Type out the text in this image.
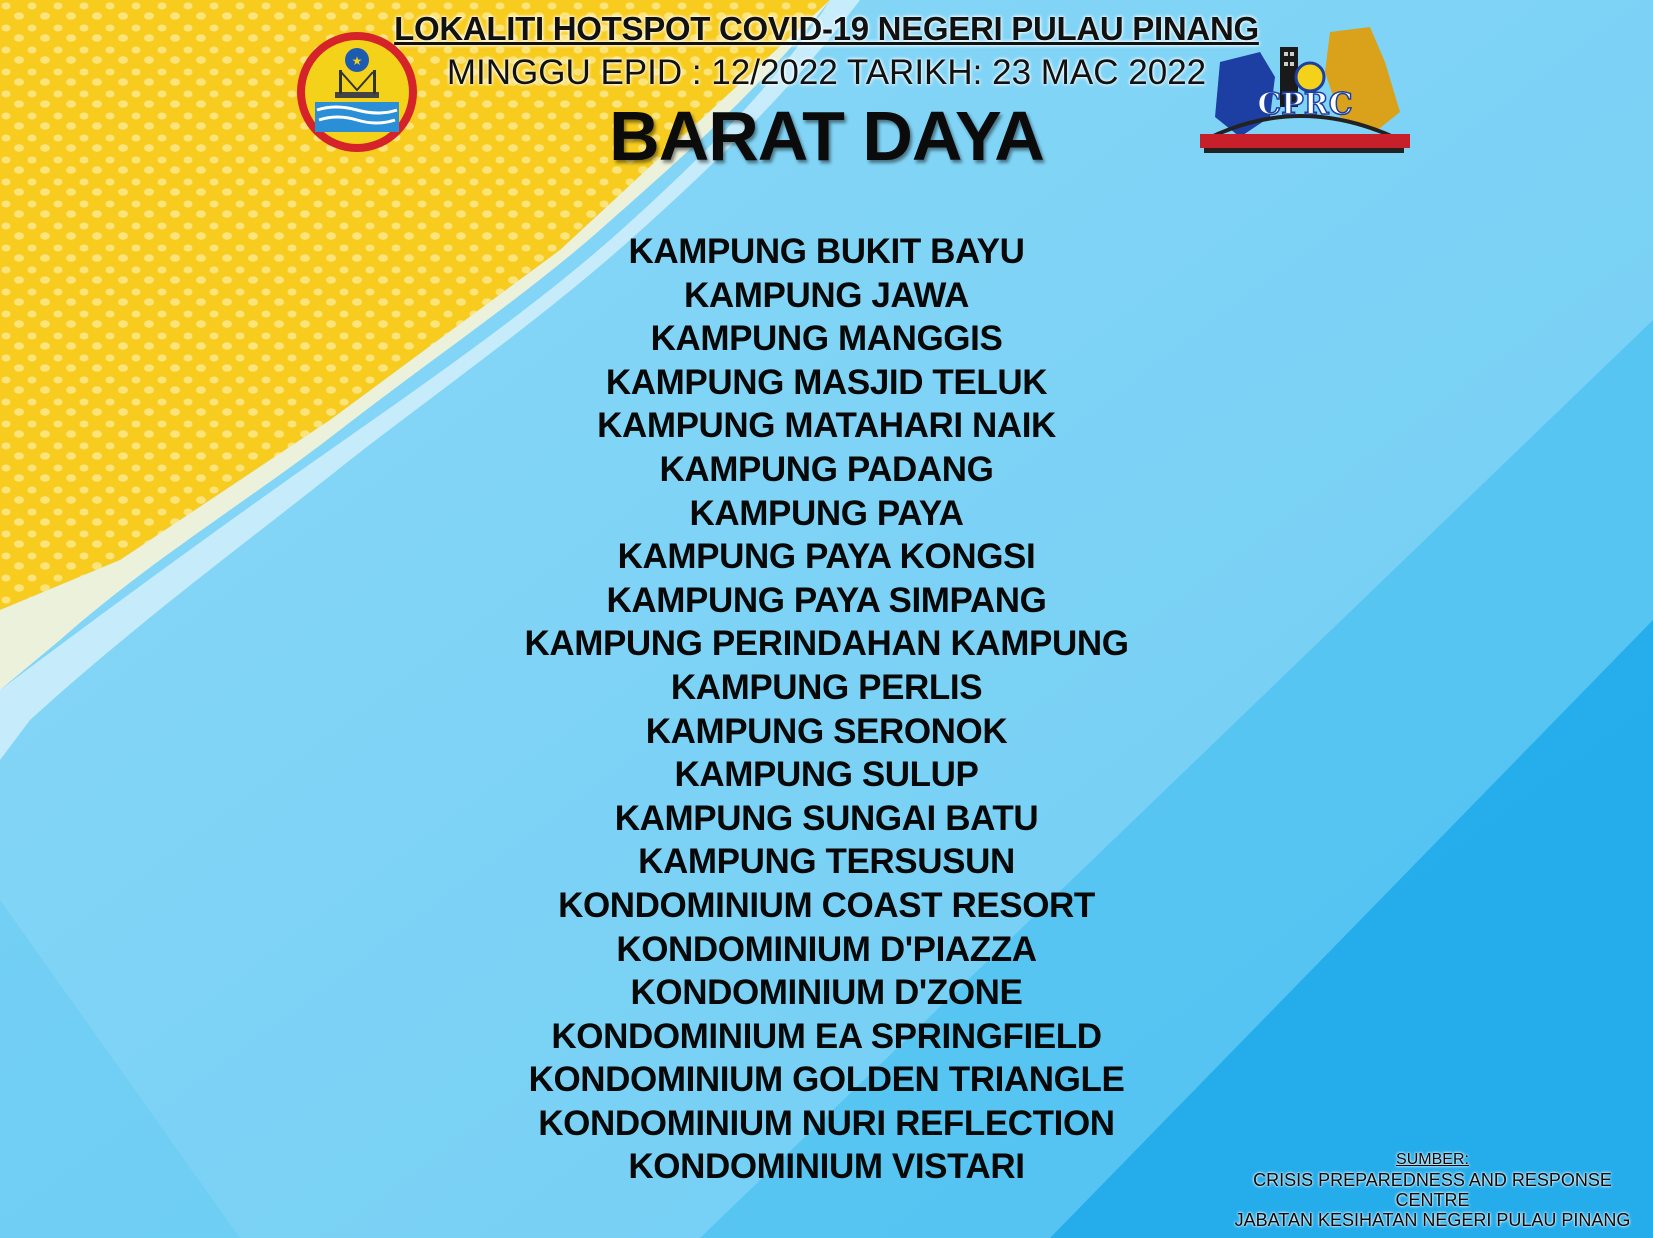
★
CPRC

LOKALITI HOTSPOT COVID-19 NEGERI PULAU PINANG

MINGGU EPID : 12/2022 TARIKH: 23 MAC 2022

BARAT DAYA

KAMPUNG BUKIT BAYU
KAMPUNG JAWA
KAMPUNG MANGGIS
KAMPUNG MASJID TELUK
KAMPUNG MATAHARI NAIK
KAMPUNG PADANG
KAMPUNG PAYA
KAMPUNG PAYA KONGSI
KAMPUNG PAYA SIMPANG
KAMPUNG PERINDAHAN KAMPUNG
KAMPUNG PERLIS
KAMPUNG SERONOK
KAMPUNG SULUP
KAMPUNG SUNGAI BATU
KAMPUNG TERSUSUN
KONDOMINIUM COAST RESORT
KONDOMINIUM D'PIAZZA
KONDOMINIUM D'ZONE
KONDOMINIUM EA SPRINGFIELD
KONDOMINIUM GOLDEN TRIANGLE
KONDOMINIUM NURI REFLECTION
KONDOMINIUM VISTARI	SUMBER:
CRISIS PREPAREDNESS AND RESPONSE
CENTRE
JABATAN KESIHATAN NEGERI PULAU PINANG
